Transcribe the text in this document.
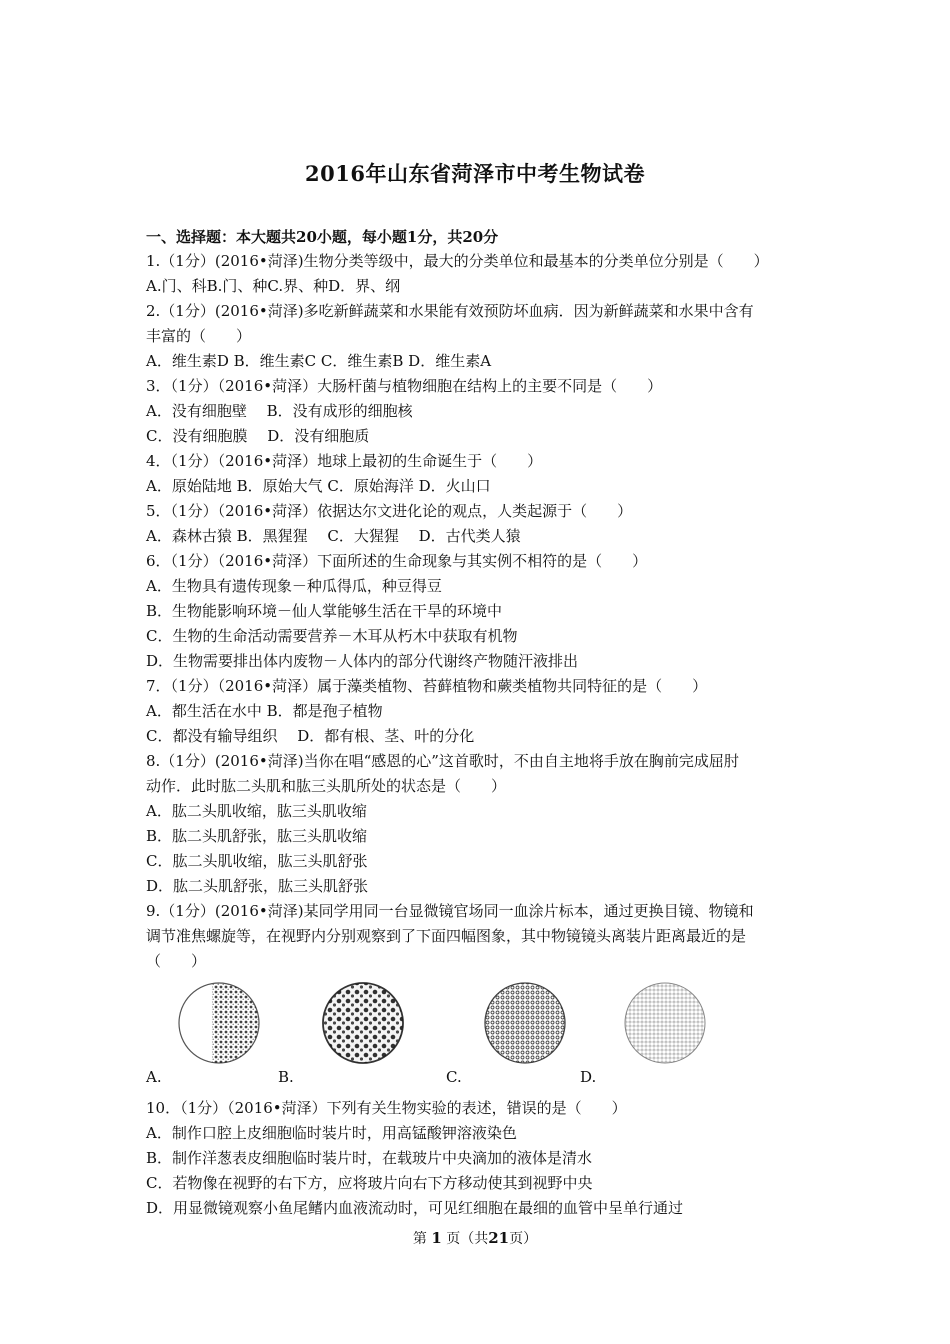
2016年山东省菏泽市中考生物试卷
一、选择题：本大题共20小题，每小题1分，共20分
1.（1分）(2016•菏泽)生物分类等级中，最大的分类单位和最基本的分类单位分别是（　　）
A.门、科B.门、种C.界、种D．界、纲
2.（1分）(2016•菏泽)多吃新鲜蔬菜和水果能有效预防坏血病．因为新鲜蔬菜和水果中含有
丰富的（　　）
A．维生素D B．维生素C C．维生素B D．维生素A
3．（1分）（2016•菏泽）大肠杆菌与植物细胞在结构上的主要不同是（　　）
A．没有细胞壁　 B．没有成形的细胞核
C．没有细胞膜　 D．没有细胞质
4．（1分）（2016•菏泽）地球上最初的生命诞生于（　　）
A．原始陆地 B．原始大气 C．原始海洋 D．火山口
5．（1分）（2016•菏泽）依据达尔文进化论的观点，人类起源于（　　）
A．森林古猿 B．黑猩猩　 C．大猩猩　 D．古代类人猿
6．（1分）（2016•菏泽）下面所述的生命现象与其实例不相符的是（　　）
A．生物具有遗传现象－种瓜得瓜，种豆得豆
B．生物能影响环境－仙人掌能够生活在干旱的环境中
C．生物的生命活动需要营养－木耳从朽木中获取有机物
D．生物需要排出体内废物－人体内的部分代谢终产物随汗液排出
7．（1分）（2016•菏泽）属于藻类植物、苔藓植物和蕨类植物共同特征的是（　　）
A．都生活在水中 B．都是孢子植物
C．都没有输导组织　 D．都有根、茎、叶的分化
8.（1分）(2016•菏泽)当你在唱“感恩的心”这首歌时，不由自主地将手放在胸前完成屈肘
动作．此时肱二头肌和肱三头肌所处的状态是（　　）
A．肱二头肌收缩，肱三头肌收缩
B．肱二头肌舒张，肱三头肌收缩
C．肱二头肌收缩，肱三头肌舒张
D．肱二头肌舒张，肱三头肌舒张
9.（1分）(2016•菏泽)某同学用同一台显微镜官场同一血涂片标本，通过更换目镜、物镜和
调节准焦螺旋等，在视野内分别观察到了下面四幅图象，其中物镜镜头离装片距离最近的是
（　　）
A.	B.	C.	D.
10．（1分）（2016•菏泽）下列有关生物实验的表述，错误的是（　　）
A．制作口腔上皮细胞临时装片时，用高锰酸钾溶液染色
B．制作洋葱表皮细胞临时装片时，在载玻片中央滴加的液体是清水
C．若物像在视野的右下方，应将玻片向右下方移动使其到视野中央
D．用显微镜观察小鱼尾鳍内血液流动时，可见红细胞在最细的血管中呈单行通过
第 1 页（共21页）
